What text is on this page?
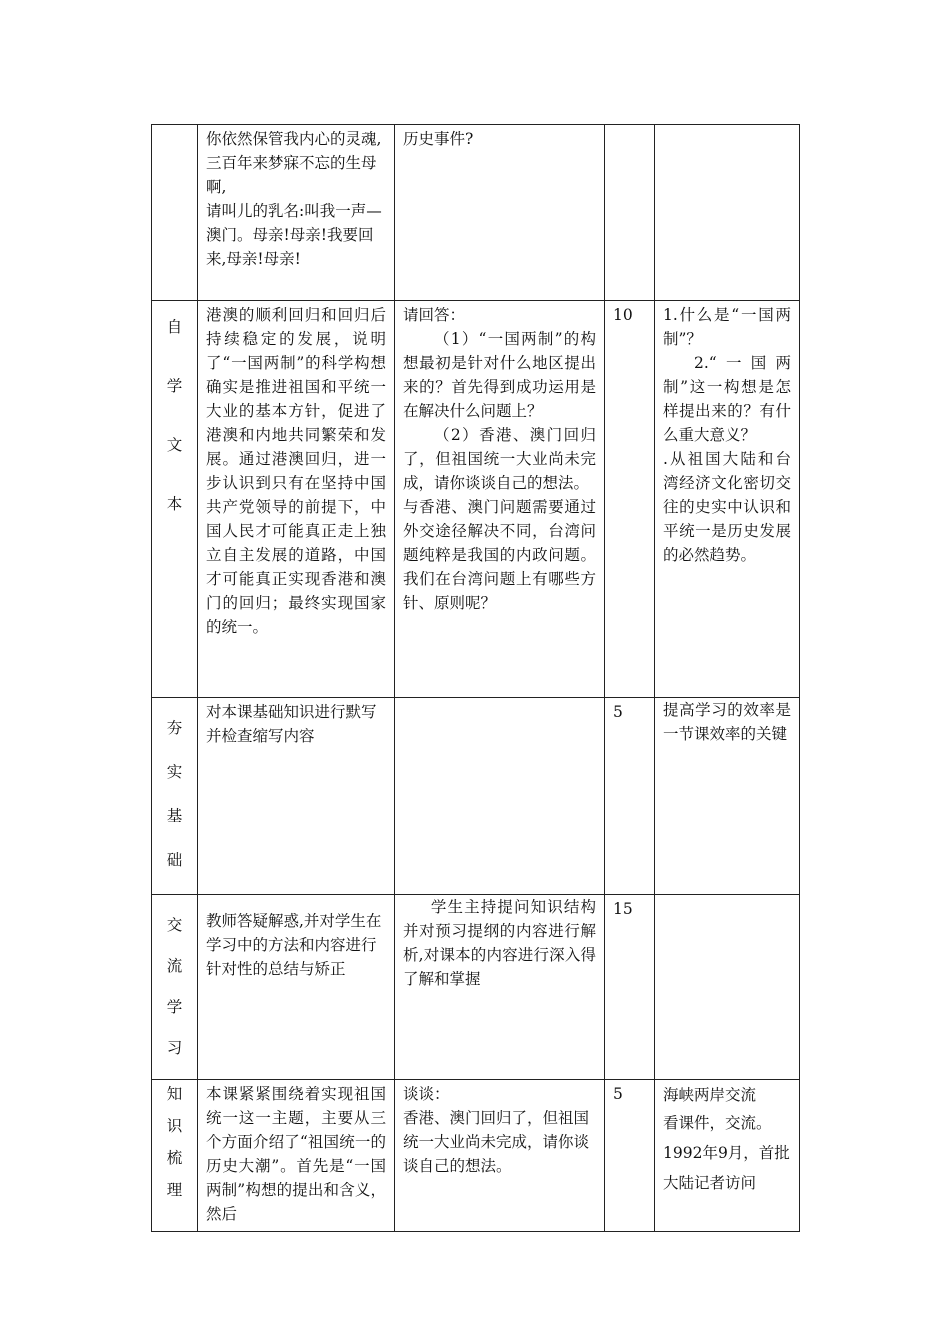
	你依然保管我内心的灵魂,
三百年来梦寐不忘的生母啊,
请叫儿的乳名:叫我一声—澳门。母亲!母亲!我要回来,母亲!母亲!	历史事件?		

自
学
文
本	港澳的顺利回归和回归后持续稳定的发展，说明了“一国两制”的科学构想确实是推进祖国和平统一大业的基本方针，促进了港澳和内地共同繁荣和发展。通过港澳回归，进一步认识到只有在坚持中国共产党领导的前提下，中国人民才可能真正走上独立自主发展的道路，中国才可能真正实现香港和澳门的回归；最终实现国家的统一。	请回答：
（1）“一国两制”的构想最初是针对什么地区提出来的？首先得到成功运用是在解决什么问题上？
（2）香港、澳门回归了，但祖国统一大业尚未完成，请你谈谈自己的想法。
与香港、澳门问题需要通过外交途径解决不同，台湾问题纯粹是我国的内政问题。我们在台湾问题上有哪些方针、原则呢？	10	1.什么是“一国两制”？
2.“一国两制”这一构想是怎样提出来的？有什么重大意义？
.从祖国大陆和台湾经济文化密切交往的史实中认识和平统一是历史发展的必然趋势。

夯
实
基
础	对本课基础知识进行默写并检查缩写内容		5	提高学习的效率是一节课效率的关键

交
流
学
习	教师答疑解惑,并对学生在学习中的方法和内容进行针对性的总结与矫正	学生主持提问知识结构并对预习提纲的内容进行解析,对课本的内容进行深入得了解和掌握	15	

知
识
梳
理	本课紧紧围绕着实现祖国统一这一主题，主要从三个方面介绍了“祖国统一的历史大潮”。首先是“一国两制”构想的提出和含义，然后	谈谈：
香港、澳门回归了，但祖国统一大业尚未完成，请你谈谈自己的想法。	5	海峡两岸交流
看课件，交流。
1992年9月，首批大陆记者访问
